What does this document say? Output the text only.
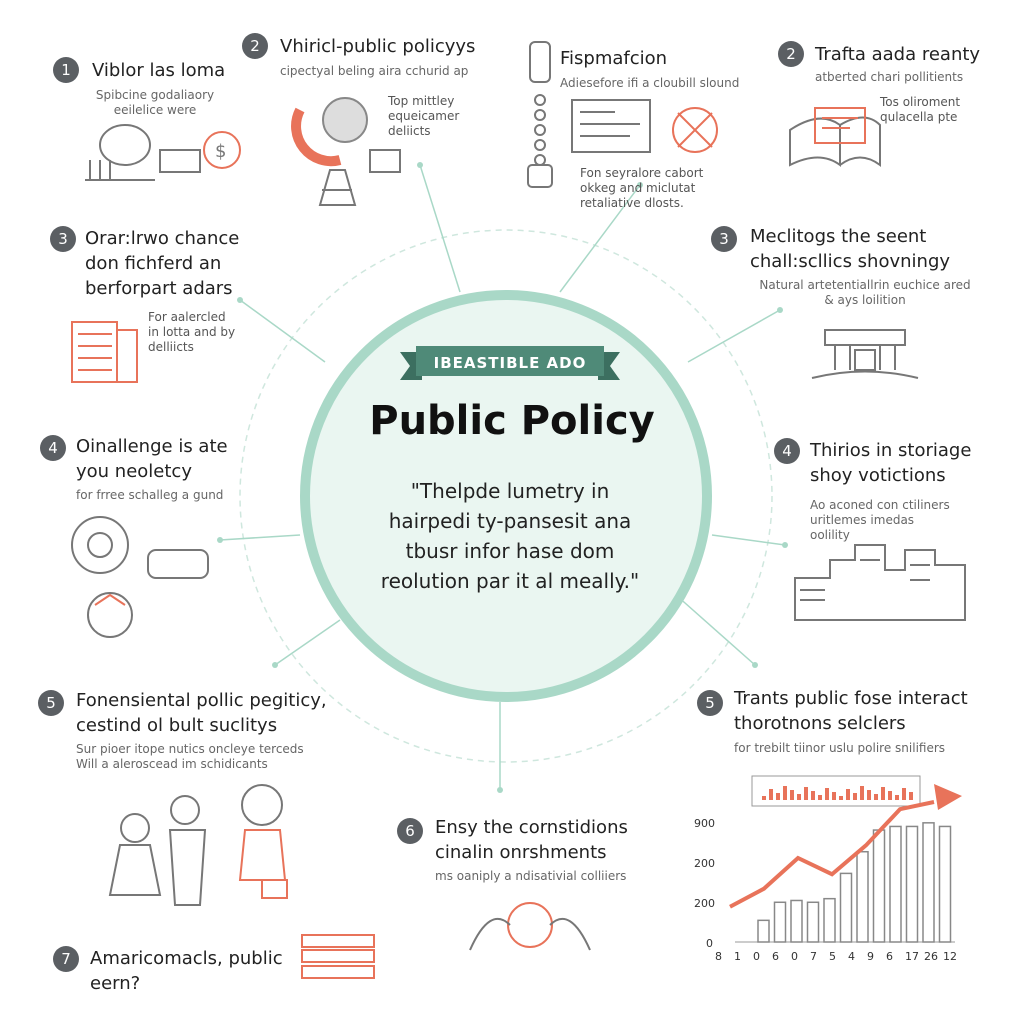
IBEASTIBLE ADO
Public Policy
"Thelpde lumetry in
hairpedi ty-pansesit ana
tbusr infor hase dom
reolution par it al meally."
1	Viblor las loma
Spibcine godaliaory
eeilelice were
2	Vhiricl-public policyys
cipectyal beling aira cchurid ap
Top mittley
equeicamer
deliicts
Fispmafcion
Adiesefore ifi a cloubill slound
Fon seyralore cabort
okkeg and miclutat
retaliative dlosts.
2	Trafta aada reanty
atberted chari pollitients
Tos oliroment
qulacella pte
3 Orar:lrwo chance
don fichferd an
berforpart adars
For aalercled
in lotta and by
delliicts
3	Meclitogs the seent
chall:scllics shovningy
Natural artetentiallrin euchice ared
& ays loilition
4	Oinallenge is ate
you neoletcy
for frree schalleg a gund
4	Thirios in storiage
shoy votictions
Ao aconed con ctiliners
uritlemes imedas
oolility
5	Fonensiental pollic pegiticy,
cestind ol bult suclitys
Sur pioer itope nutics oncleye terceds
Will a aleroscead im schidicants
5	Trants public fose interact
thorotnons selclers
for trebilt tiinor uslu polire snilifiers
6	Ensy the cornstidions
cinalin onrshments
ms oaniply a ndisativial colliiers
7	Amaricomacls, public
eern?
$
900
200
200
0
8 1 0 6 0 7 5 4 9 6 17 26 12
